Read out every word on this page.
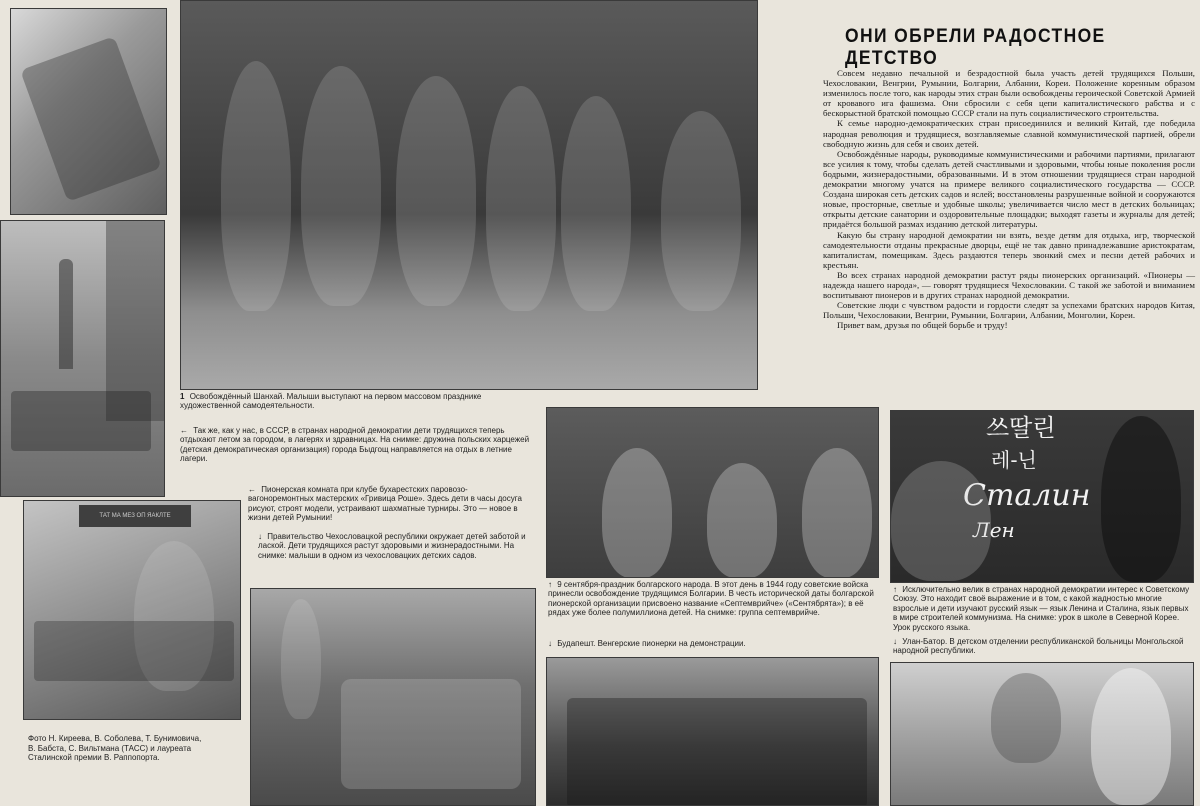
ТАТ МА МЕЗ ОП ЯАКЛТЕ
쓰딸린
레-닌
Сталин
Лен
1 Освобождённый Шанхай. Малыши выступают на первом массовом празднике художественной самодеятельности.
← Так же, как у нас, в СССР, в странах народной демократии дети трудящихся теперь отдыхают летом за городом, в лагерях и здравницах. На снимке: дружина польских харцежей (детская демократическая организация) города Быдгощ направляется на отдых в летние лагери.
← Пионерская комната при клубе бухарестских паровозо-вагоноремонтных мастерских «Гривица Роше». Здесь дети в часы досуга рисуют, строят модели, устраивают шахматные турниры. Это — новое в жизни детей Румынии!
↓ Правительство Чехословацкой республики окружает детей заботой и лаской. Дети трудящихся растут здоровыми и жизнерадостными. На снимке: малыши в одном из чехословацких детских садов.
↑ 9 сентября-праздник болгарского народа. В этот день в 1944 году советские войска принесли освобождение трудящимся Болгарии. В честь исторической даты болгарской пионерской организации присвоено название «Септемврийче» («Сентябрята»); в её рядах уже более полумиллиона детей. На снимке: группа септемврийче.
↓ Будапешт. Венгерские пионерки на демонстрации.
↑ Исключительно велик в странах народной демократии интерес к Советскому Союзу. Это находит своё выражение и в том, с какой жадностью многие взрослые и дети изучают русский язык — язык Ленина и Сталина, язык первых в мире строителей коммунизма. На снимке: урок в школе в Северной Корее. Урок русского языка.
↓ Улан-Батор. В детском отделении республиканской больницы Монгольской народной республики.
Фото Н. Киреева, В. Соболева, Т. Бунимовича, В. Бабста, С. Вильтмана (ТАСС) и лауреата Сталинской премии В. Раппопорта.
ОНИ ОБРЕЛИ РАДОСТНОЕ ДЕТСТВО

Совсем недавно печальной и безрадостной была участь детей трудящихся Польши, Чехословакии, Венгрии, Румынии, Болгарии, Албании, Кореи. Положение коренным образом изменилось после того, как народы этих стран были освобождены героической Советской Армией от кровавого ига фашизма. Они сбросили с себя цепи капиталистического рабства и с бескорыстной братской помощью СССР стали на путь социалистического строительства.

К семье народно-демократических стран присоединился и великий Китай, где победила народная революция и трудящиеся, возглавляемые славной коммунистической партией, обрели свободную жизнь для себя и своих детей.

Освобождённые народы, руководимые коммунистическими и рабочими партиями, прилагают все усилия к тому, чтобы сделать детей счастливыми и здоровыми, чтобы юные поколения росли бодрыми, жизнерадостными, образованными. И в этом отношении трудящиеся стран народной демократии многому учатся на примере великого социалистического государства — СССР. Создана широкая сеть детских садов и яслей; восстановлены разрушенные войной и сооружаются новые, просторные, светлые и удобные школы; увеличивается число мест в детских больницах; открыты детские санатории и оздоровительные площадки; выходят газеты и журналы для детей; придаётся большой размах изданию детской литературы.

Какую бы страну народной демократии ни взять, везде детям для отдыха, игр, творческой самодеятельности отданы прекрасные дворцы, ещё не так давно принадлежавшие аристократам, капиталистам, помещикам. Здесь раздаются теперь звонкий смех и песни детей рабочих и крестьян.

Во всех странах народной демократии растут ряды пионерских организаций. «Пионеры — надежда нашего народа», — говорят трудящиеся Чехословакии. С такой же заботой и вниманием воспитывают пионеров и в других странах народной демократии.

Советские люди с чувством радости и гордости следят за успехами братских народов Китая, Польши, Чехословакии, Венгрии, Румынии, Болгарии, Албании, Монголии, Кореи.

Привет вам, друзья по общей борьбе и труду!
